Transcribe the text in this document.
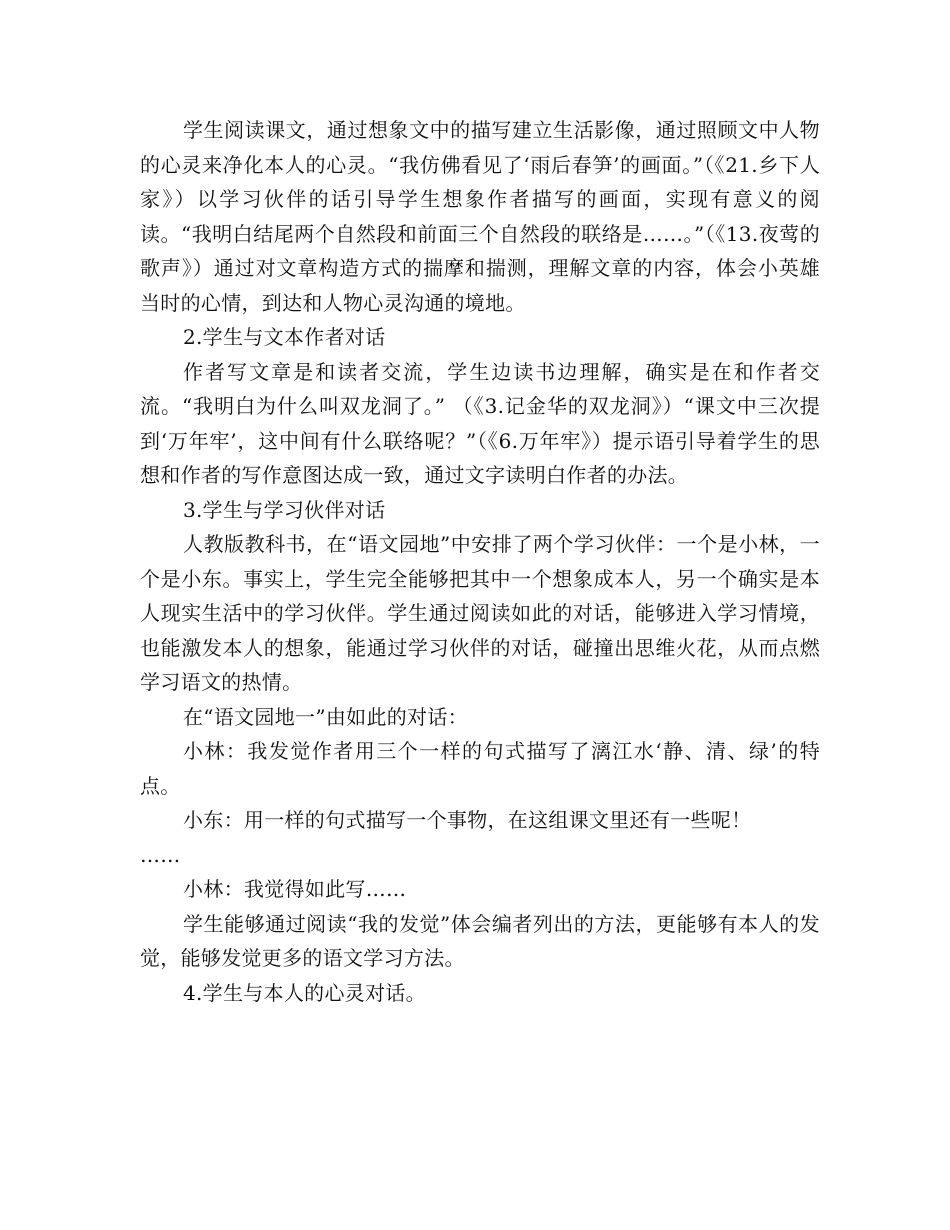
学生阅读课文，通过想象文中的描写建立生活影像，通过照顾文中人物的心灵来净化本人的心灵。“我仿佛看见了‘雨后春笋’的画面。”（《21.乡下人家》）以学习伙伴的话引导学生想象作者描写的画面，实现有意义的阅读。“我明白结尾两个自然段和前面三个自然段的联络是……。”（《13.夜莺的歌声》）通过对文章构造方式的揣摩和揣测，理解文章的内容，体会小英雄当时的心情，到达和人物心灵沟通的境地。

2.学生与文本作者对话

作者写文章是和读者交流，学生边读书边理解，确实是在和作者交流。“我明白为什么叫双龙洞了。” （《3.记金华的双龙洞》）“课文中三次提到‘万年牢’，这中间有什么联络呢？”（《6.万年牢》）提示语引导着学生的思想和作者的写作意图达成一致，通过文字读明白作者的办法。

3.学生与学习伙伴对话

人教版教科书，在“语文园地”中安排了两个学习伙伴：一个是小林，一个是小东。事实上，学生完全能够把其中一个想象成本人，另一个确实是本人现实生活中的学习伙伴。学生通过阅读如此的对话，能够进入学习情境，也能激发本人的想象，能通过学习伙伴的对话，碰撞出思维火花，从而点燃学习语文的热情。

在“语文园地一”由如此的对话：

小林：我发觉作者用三个一样的句式描写了漓江水‘静、清、绿’的特点。

小东：用一样的句式描写一个事物，在这组课文里还有一些呢！

……

小林：我觉得如此写……

学生能够通过阅读“我的发觉”体会编者列出的方法，更能够有本人的发觉，能够发觉更多的语文学习方法。

4.学生与本人的心灵对话。
